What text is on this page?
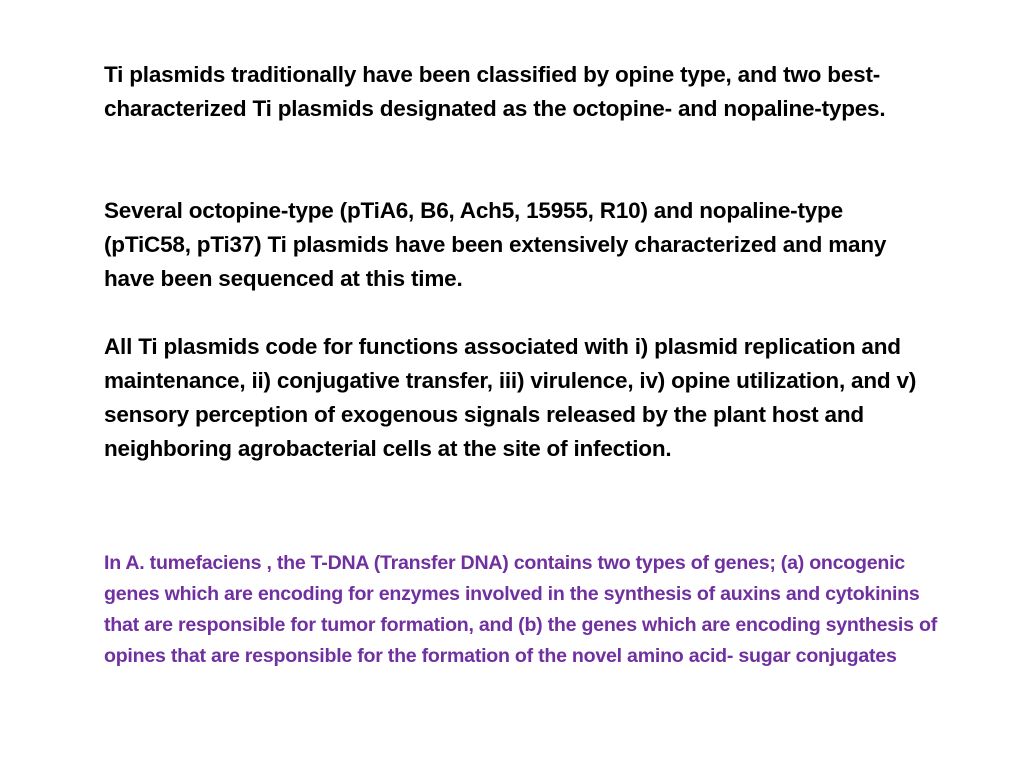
Ti plasmids traditionally have been classified by opine type, and two best-characterized Ti plasmids designated as the octopine- and nopaline-types.

Several octopine-type (pTiA6, B6, Ach5, 15955, R10) and nopaline-type (pTiC58, pTi37) Ti plasmids have been extensively characterized and many have been sequenced at this time.

All Ti plasmids code for functions associated with i) plasmid replication and maintenance, ii) conjugative transfer, iii) virulence, iv) opine utilization, and v) sensory perception of exogenous signals released by the plant host and neighboring agrobacterial cells at the site of infection.

In A. tumefaciens , the T-DNA (Transfer DNA) contains two types of genes; (a) oncogenic genes which are encoding for enzymes involved in the synthesis of auxins and cytokinins that are responsible for tumor formation, and (b) the genes which are encoding synthesis of opines that are responsible for the formation of the novel amino acid- sugar conjugates
